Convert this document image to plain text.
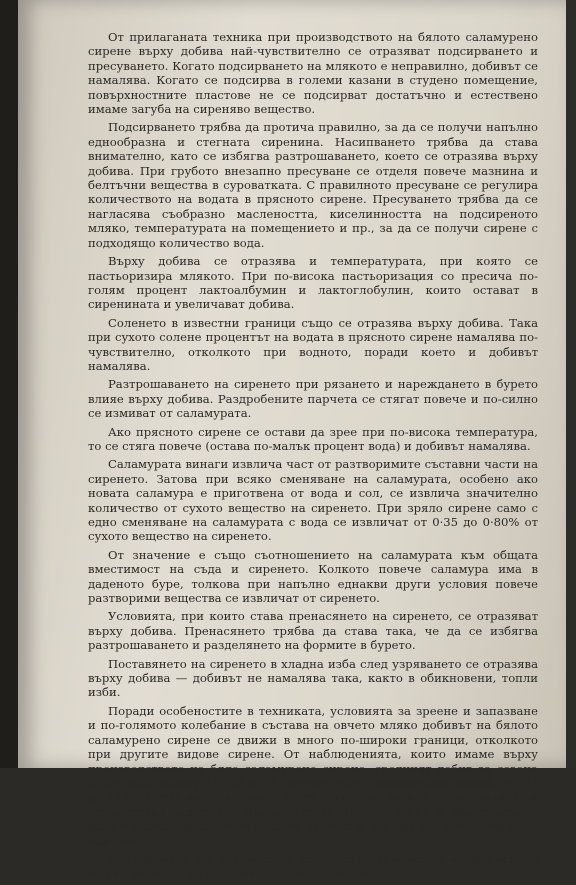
От прилаганата техника при производството на бялото саламурено сирене върху добива най-чувствително се отразяват подсирването и пресуването. Когато подсирването на млякото е неправилно, добивът се намалява. Когато се подсирва в големи казани в студено помещение, повърхностните пластове не се подсирват достатъчно и естествено имаме загуба на сиреняво вещество.

Подсирването трябва да протича правилно, за да се получи напълно еднообразна и стегната сиренина. Насипването трябва да става внимателно, като се избягва разтрошаването, което се отразява върху добива. При грубото внезапно пресуване се отделя повече мазнина и белтъчни вещества в суроватката. С правилното пресуване се регулира количеството на водата в прясното сирене. Пресуването трябва да се нагласява съобразно маслеността, киселинността на подсиреното мляко, температурата на помещението и пр., за да се получи сирене с подходящо количество вода.

Върху добива се отразява и температурата, при която се пастьоризира млякото. При по-висока пастьоризация со пресича по-голям процент лактоалбумин и лактоглобулин, които остават в сиренината и увеличават добива.

Соленето в известни граници също се отразява върху добива. Така при сухото солене процентът на водата в прясното сирене намалява по-чувствително, отколкото при водното, поради което и добивът намалява.

Разтрошаването на сиренето при рязането и нареждането в бурето влияе върху добива. Раздробените парчета се стягат повече и по-силно се измиват от саламурата.

Ако прясното сирене се остави да зрее при по-висока температура, то се стяга повече (остава по-малък процент вода) и добивът намалява.

Саламурата винаги извлича част от разтворимите съставни части на сиренето. Затова при всяко сменяване на саламурата, особено ако новата саламура е приготвена от вода и сол, се извлича значително количество от сухото вещество на сиренето. При зряло сирене само с едно сменяване на саламурата с вода се извличат от 0·35 до 0·80% от сухото вещество на сиренето.

От значение е също съотношението на саламурата към общата вместимост на съда и сиренето. Колкото повече саламура има в даденото буре, толкова при напълно еднакви други условия повече разтворими вещества се извличат от сиренето.

Условията, при които става пренасянето на сиренето, се отразяват върху добива. Пренасянето трябва да става така, че да се избягва разтрошаването и разделянето на формите в бурето.

Поставянето на сиренето в хладна изба след узряването се отразява върху добива — добивът не намалява така, както в обикновени, топли изби.

Поради особеностите в техниката, условията за зреене и запазване и по-голямото колебание в състава на овчето мляко добивът на бялото саламурено сирене се движи в много по-широки граници, отколкото при другите видове сирене. От наблюденията, които имаме върху производството на бяло саламурено сирене, средният добив за сезона се колебае между 25—28 кг, а пресметнато в национален мащаб—от 23 до 26 кг. Оттук идват и твърде честите спорове между предприятието и техническия персонал. Причините за ниския добив в обществените млекопреработвателни заведения са много, но ние ще отбележим по-важните:

1. Приемане на значително количество замърсено и прокиснало мляко, от което се получава по-твърдо сирене.
